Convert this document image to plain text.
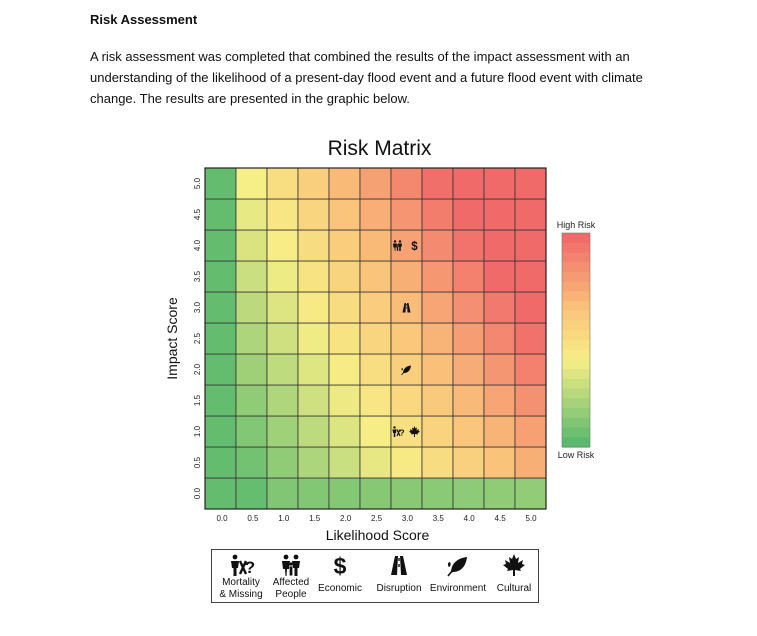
Risk Assessment
A risk assessment was completed that combined the results of the impact assessment with an understanding of the likelihood of a present-day flood event and a future flood event with climate change. The results are presented in the graphic below.
$
?
Risk Matrix
0.0 0.5 1.0 1.5 2.0 2.5 3.0 3.5 4.0 4.5 5.0
0.0
0.5
1.0
1.5
2.0
2.5
3.0
3.5
4.0
4.5
5.0
Likelihood Score
Impact Score
High Risk
Low Risk
?
Mortality
& Missing
Affected
People
$
Economic	Disruption Environment	Cultural
